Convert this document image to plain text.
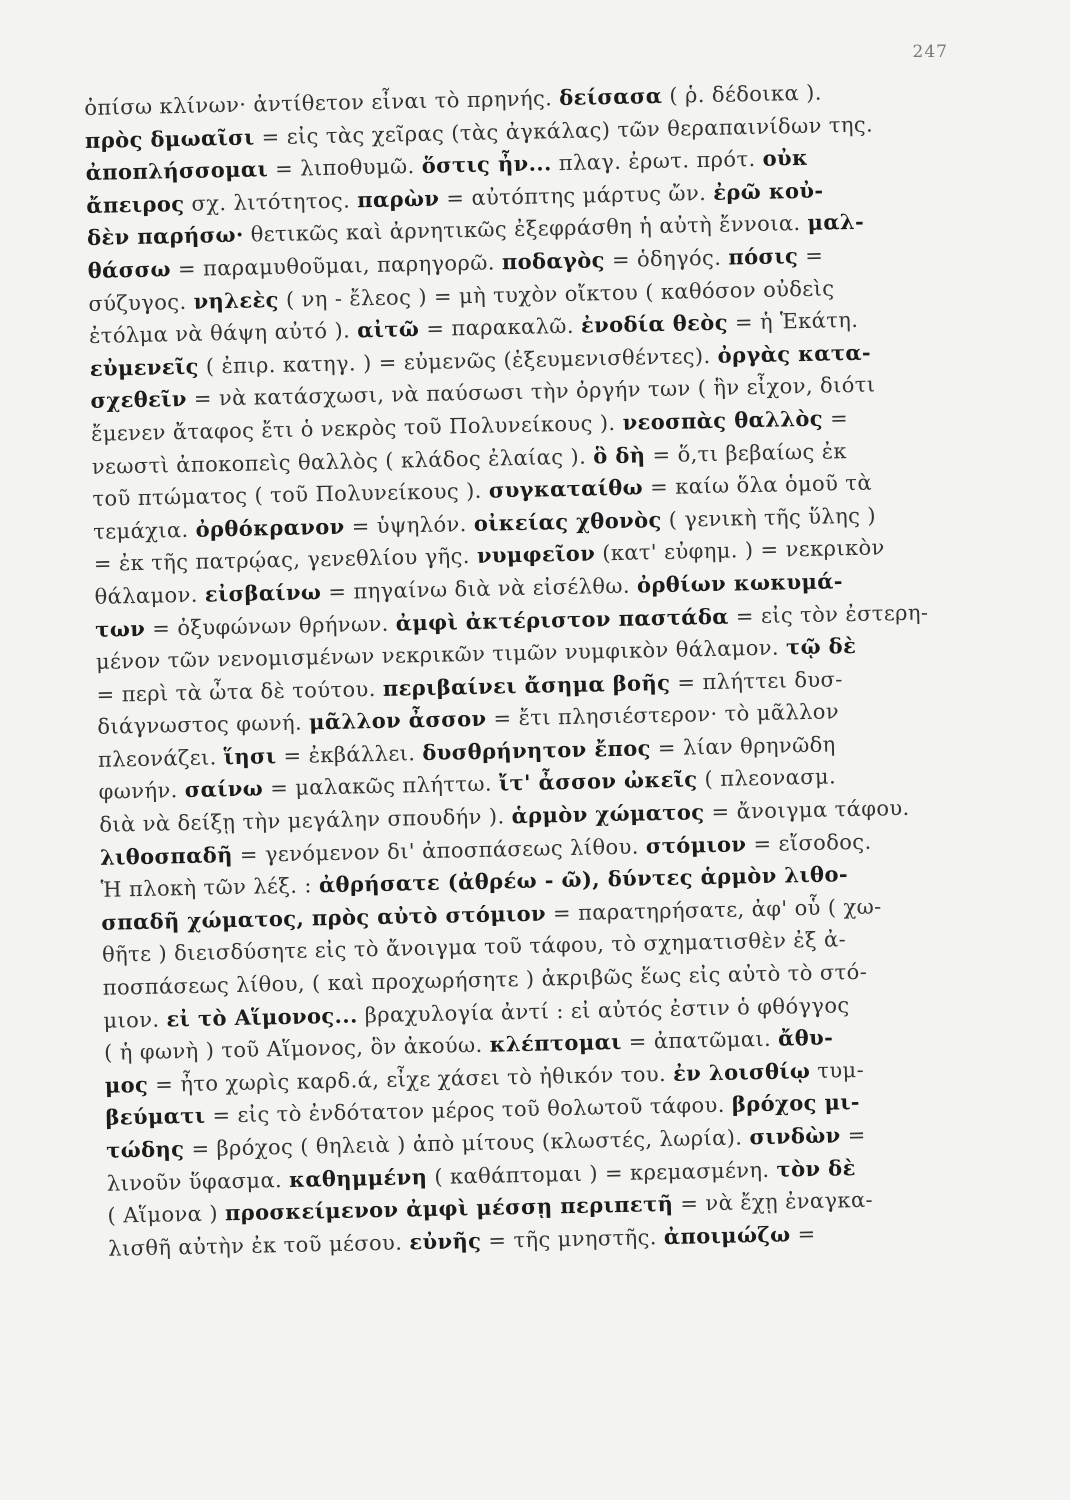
247
ὀπίσω κλίνων· ἀντίθετον εἶναι τὸ πρηνής. δείσασα ( ῥ. δέδοικα ).
πρὸς δμωαῖσι = εἰς τὰς χεῖρας (τὰς ἀγκάλας) τῶν θεραπαινίδων της.
ἀποπλήσσομαι = λιποθυμῶ. ὅστις ἦν... πλαγ. ἐρωτ. πρότ. οὐκ
ἄπειρος σχ. λιτότητος. παρὼν = αὐτόπτης μάρτυς ὤν. ἐρῶ κοὐ-
δὲν παρήσω· θετικῶς καὶ ἀρνητικῶς ἐξεφράσθη ἡ αὐτὴ ἔννοια. μαλ-
θάσσω = παραμυθοῦμαι, παρηγορῶ. ποδαγὸς = ὁδηγός. πόσις =
σύζυγος. νηλεὲς ( νη - ἔλεος ) = μὴ τυχὸν οἴκτου ( καθόσον οὐδεὶς
ἐτόλμα νὰ θάψη αὐτό ). αἰτῶ = παρακαλῶ. ἐνοδία θεὸς = ἡ Ἑκάτη.
εὐμενεῖς ( ἐπιρ. κατηγ. ) = εὐμενῶς (ἐξευμενισθέντες). ὀργὰς κατα-
σχεθεῖν = νὰ κατάσχωσι, νὰ παύσωσι τὴν ὀργήν των ( ἣν εἶχον, διότι
ἔμενεν ἄταφος ἔτι ὁ νεκρὸς τοῦ Πολυνείκους ). νεοσπὰς θαλλὸς =
νεωστὶ ἀποκοπεὶς θαλλὸς ( κλάδος ἐλαίας ). ὃ δὴ = ὅ,τι βεβαίως ἐκ
τοῦ πτώματος ( τοῦ Πολυνείκους ). συγκαταίθω = καίω ὅλα ὁμοῦ τὰ
τεμάχια. ὀρθόκρανον = ὑψηλόν. οἰκείας χθονὸς ( γενικὴ τῆς ὕλης )
= ἐκ τῆς πατρῴας, γενεθλίου γῆς. νυμφεῖον (κατ' εὐφημ. ) = νεκρικὸν
θάλαμον. εἰσβαίνω = πηγαίνω διὰ νὰ εἰσέλθω. ὀρθίων κωκυμά-
των = ὀξυφώνων θρήνων. ἀμφὶ ἀκτέριστον παστάδα = εἰς τὸν ἐστερη-
μένον τῶν νενομισμένων νεκρικῶν τιμῶν νυμφικὸν θάλαμον. τῷ δὲ
= περὶ τὰ ὦτα δὲ τούτου. περιβαίνει ἄσημα βοῆς = πλήττει δυσ-
διάγνωστος φωνή. μᾶλλον ἆσσον = ἔτι πλησιέστερον· τὸ μᾶλλον
πλεονάζει. ἵησι = ἐκβάλλει. δυσθρήνητον ἔπος = λίαν θρηνῶδη
φωνήν. σαίνω = μαλακῶς πλήττω. ἴτ' ἆσσον ὠκεῖς ( πλεονασμ.
διὰ νὰ δείξῃ τὴν μεγάλην σπουδήν ). ἁρμὸν χώματος = ἄνοιγμα τάφου.
λιθοσπαδῆ = γενόμενον δι' ἀποσπάσεως λίθου. στόμιον = εἴσοδος.
Ἡ πλοκὴ τῶν λέξ. : ἀθρήσατε (ἀθρέω - ῶ), δύντες ἁρμὸν λιθο-
σπαδῆ χώματος, πρὸς αὐτὸ στόμιον = παρατηρήσατε, ἀφ' οὗ ( χω-
θῆτε ) διεισδύσητε εἰς τὸ ἄνοιγμα τοῦ τάφου, τὸ σχηματισθὲν ἐξ ἀ-
ποσπάσεως λίθου, ( καὶ προχωρήσητε ) ἀκριβῶς ἕως εἰς αὐτὸ τὸ στό-
μιον. εἰ τὸ Αἵμονος... βραχυλογία ἀντί : εἰ αὐτός ἐστιν ὁ φθόγγος
( ἡ φωνὴ ) τοῦ Αἵμονος, ὃν ἀκούω. κλέπτομαι = ἀπατῶμαι. ἄθυ-
μος = ἦτο χωρὶς καρδ.ά, εἶχε χάσει τὸ ἠθικόν του. ἐν λοισθίῳ τυμ-
βεύματι = εἰς τὸ ἐνδότατον μέρος τοῦ θολωτοῦ τάφου. βρόχος μι-
τώδης = βρόχος ( θηλειὰ ) ἀπὸ μίτους (κλωστές, λωρία). σινδὼν =
λινοῦν ὕφασμα. καθημμένη ( καθάπτομαι ) = κρεμασμένη. τὸν δὲ
( Αἵμονα ) προσκείμενον ἀμφὶ μέσσῃ περιπετῆ = νὰ ἔχῃ ἐναγκα-
λισθῆ αὐτὴν ἐκ τοῦ μέσου. εὐνῆς = τῆς μνηστῆς. ἀποιμώζω =
